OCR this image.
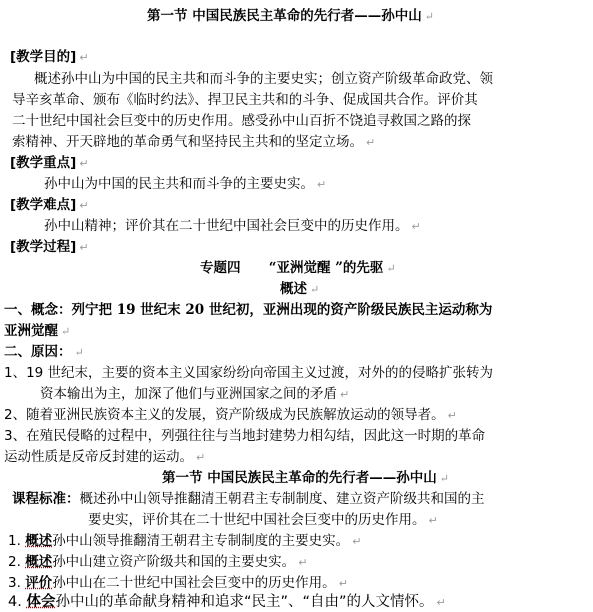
第一节 中国民族民主革命的先行者——孙中山 ↵
[教学目的] ↵
概述孙中山为中国的民主共和而斗争的主要史实；创立资产阶级革命政党、领
导辛亥革命、颁布《临时约法》、捍卫民主共和的斗争、促成国共合作。评价其
二十世纪中国社会巨变中的历史作用。感受孙中山百折不饶追寻救国之路的探
索精神、开天辟地的革命勇气和坚持民主共和的坚定立场。 ↵
[教学重点] ↵
孙中山为中国的民主共和而斗争的主要史实。 ↵
[教学难点] ↵
孙中山精神；评价其在二十世纪中国社会巨变中的历史作用。 ↵
[教学过程] ↵
专题四 “亚洲觉醒 ”的先驱 ↵
概述 ↵
一、概念：列宁把 19 世纪末 20 世纪初，亚洲出现的资产阶级民族民主运动称为
亚洲觉醒 ↵
二、原因： ↵
1、19 世纪末，主要的资本主义国家纷纷向帝国主义过渡，对外的的侵略扩张转为
资本输出为主，加深了他们与亚洲国家之间的矛盾 ↵
2、随着亚洲民族资本主义的发展，资产阶级成为民族解放运动的领导者。 ↵
3、在殖民侵略的过程中，列强往往与当地封建势力相勾结，因此这一时期的革命
运动性质是反帝反封建的运动。 ↵
第一节 中国民族民主革命的先行者——孙中山 ↵
课程标准：概述孙中山领导推翻清王朝君主专制制度、建立资产阶级共和国的主
要史实，评价其在二十世纪中国社会巨变中的历史作用。 ↵
1. 概述孙中山领导推翻清王朝君主专制制度的主要史实。 ↵
2. 概述孙中山建立资产阶级共和国的主要史实。 ↵
3. 评价孙中山在二十世纪中国社会巨变中的历史作用。 ↵
4. 体会孙中山的革命献身精神和追求“民主”、“自由”的人文情怀。 ↵
